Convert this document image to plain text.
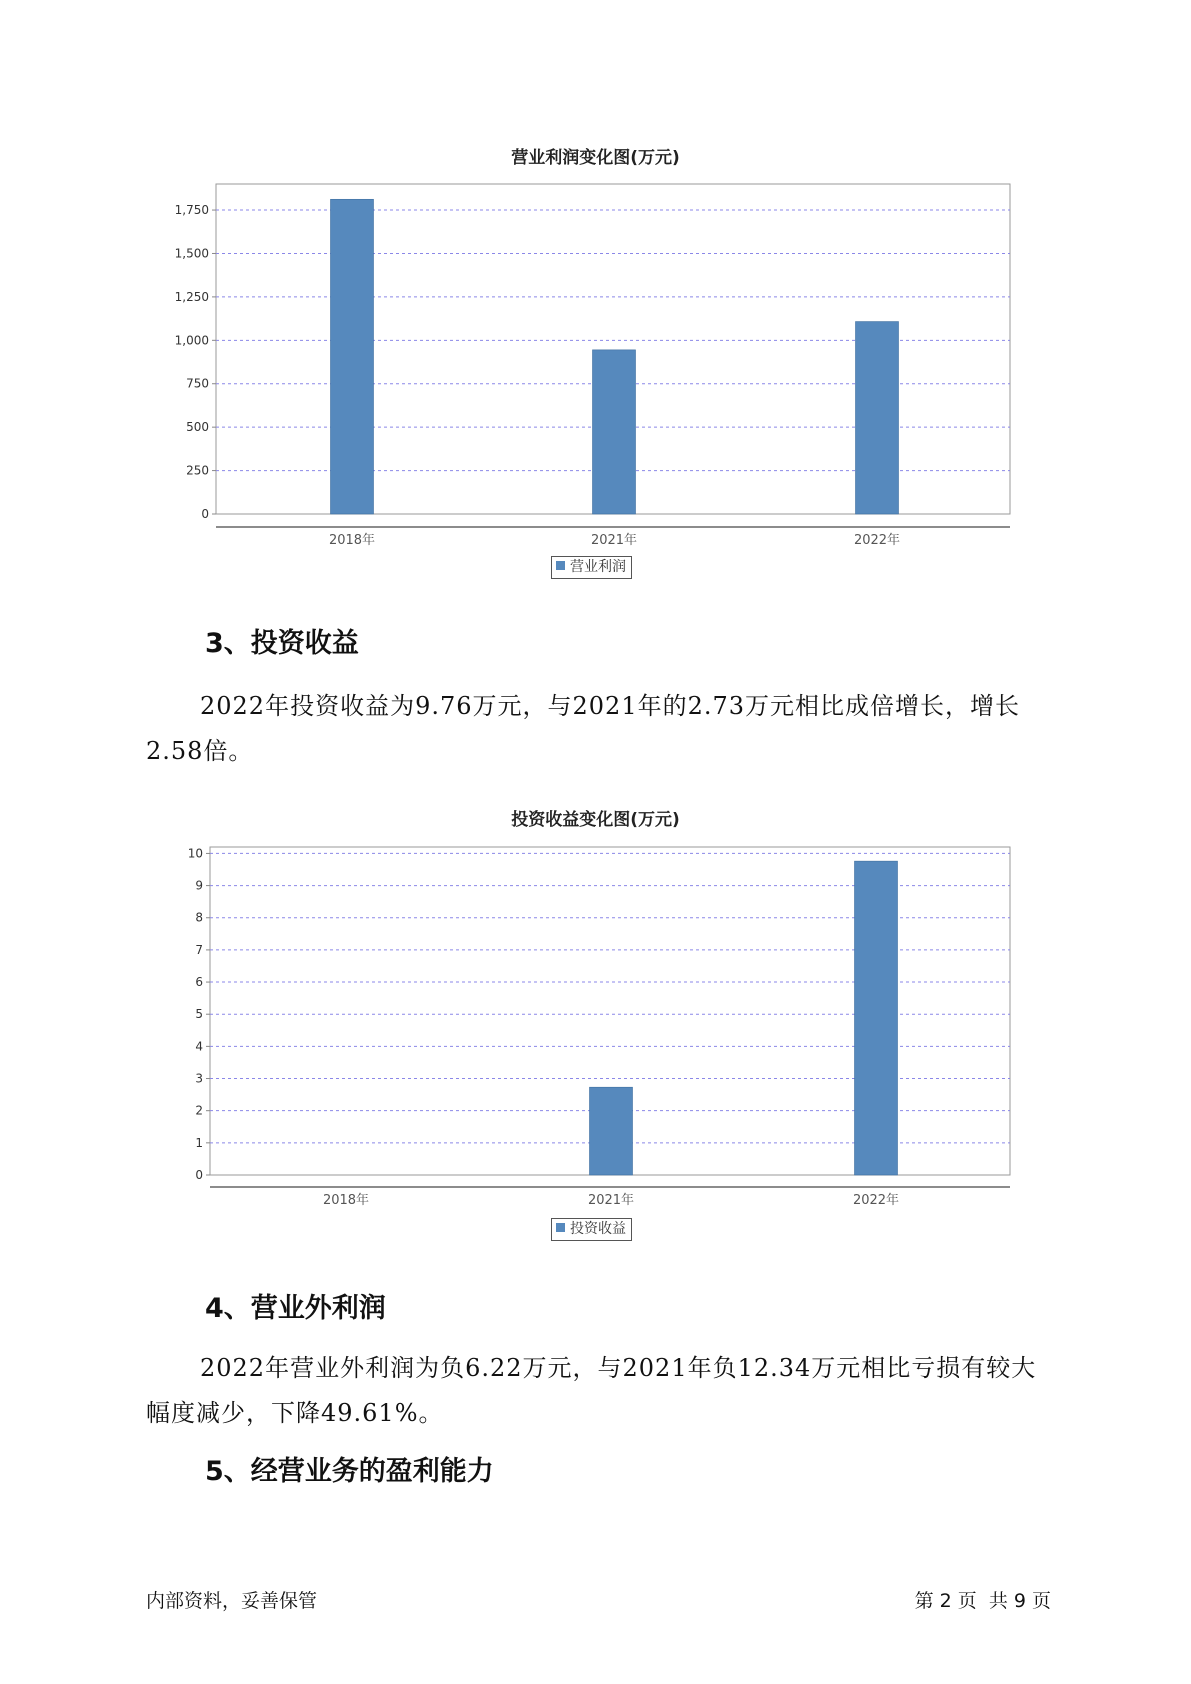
营业利润变化图(万元)
0
250
500
750
1,000
1,250
1,500
1,750
2018年	2021年	2022年
营业利润
3、投资收益
2022年投资收益为9.76万元，与2021年的2.73万元相比成倍增长，增长2.58倍。
投资收益变化图(万元)
0
1
2
3
4
5
6
7
8
9
10
2018年	2021年	2022年
投资收益
4、营业外利润
2022年营业外利润为负6.22万元，与2021年负12.34万元相比亏损有较大幅度减少，下降49.61%。
5、经营业务的盈利能力
内部资料，妥善保管	第 2 页  共 9 页
